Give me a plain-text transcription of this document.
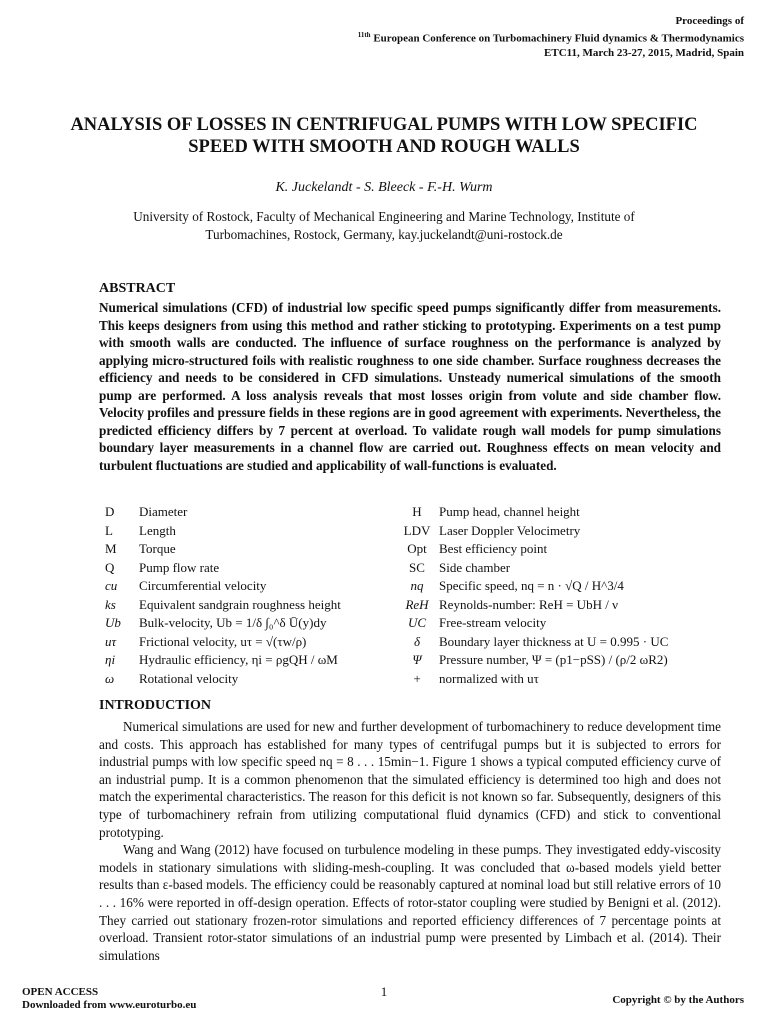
Proceedings of
$^{11th}$ European Conference on Turbomachinery Fluid dynamics & Thermodynamics
ETC11, March 23-27, 2015, Madrid, Spain
ANALYSIS OF LOSSES IN CENTRIFUGAL PUMPS WITH LOW SPECIFIC SPEED WITH SMOOTH AND ROUGH WALLS
K. Juckelandt - S. Bleeck - F.-H. Wurm
University of Rostock, Faculty of Mechanical Engineering and Marine Technology, Institute of Turbomachines, Rostock, Germany, kay.juckelandt@uni-rostock.de
ABSTRACT
Numerical simulations (CFD) of industrial low specific speed pumps significantly differ from measurements. This keeps designers from using this method and rather sticking to prototyping. Experiments on a test pump with smooth walls are conducted. The influence of surface roughness on the performance is analyzed by applying micro-structured foils with realistic roughness to one side chamber. Surface roughness decreases the efficiency and needs to be considered in CFD simulations. Unsteady numerical simulations of the smooth pump are performed. A loss analysis reveals that most losses origin from volute and side chamber flow. Velocity profiles and pressure fields in these regions are in good agreement with experiments. Nevertheless, the predicted efficiency differs by 7 percent at overload. To validate rough wall models for pump simulations boundary layer measurements in a channel flow are carried out. Roughness effects on mean velocity and turbulent fluctuations are studied and applicability of wall-functions is evaluated.
D	Diameter	H	Pump head, channel height
L	Length	LDV Laser Doppler Velocimetry
M	Torque	Opt Best efficiency point
Q	Pump flow rate	SC	Side chamber
cu	Circumferential velocity	nq	Specific speed, nq = n · √Q / H^3/4
ks	Equivalent sandgrain roughness height	ReH Reynolds-number: ReH = UbH / ν
Ub	Bulk-velocity, Ub = 1/δ ∫₀^δ Ū(y)dy	UC Free-stream velocity
uτ	Frictional velocity, uτ = √(τw/ρ)	δ	Boundary layer thickness at U = 0.995 · UC
ηi	Hydraulic efficiency, ηi = ρgQH / ωM	Ψ	Pressure number, Ψ = (p1−pSS) / (ρ/2 ωR2)
ω	Rotational velocity	+	normalized with uτ
INTRODUCTION

Numerical simulations are used for new and further development of turbomachinery to reduce development time and costs. This approach has established for many types of centrifugal pumps but it is subjected to errors for industrial pumps with low specific speed nq = 8 . . . 15min−1. Figure 1 shows a typical computed efficiency curve of an industrial pump. It is a common phenomenon that the simulated efficiency is determined too high and does not match the experimental characteristics. The reason for this deficit is not known so far. Subsequently, designers of this type of turbomachinery refrain from utilizing computational fluid dynamics (CFD) and stick to conventional prototyping.

Wang and Wang (2012) have focused on turbulence modeling in these pumps. They investigated eddy-viscosity models in stationary simulations with sliding-mesh-coupling. It was concluded that ω-based models yield better results than ε-based models. The efficiency could be reasonably captured at nominal load but still relative errors of 10 . . . 16% were reported in off-design operation. Effects of rotor-stator coupling were studied by Benigni et al. (2012). They carried out stationary frozen-rotor simulations and reported efficiency differences of 7 percentage points at overload. Transient rotor-stator simulations of an industrial pump were presented by Limbach et al. (2014). Their simulations

OPEN ACCESS
Downloaded from www.euroturbo.eu
1
Copyright © by the Authors
